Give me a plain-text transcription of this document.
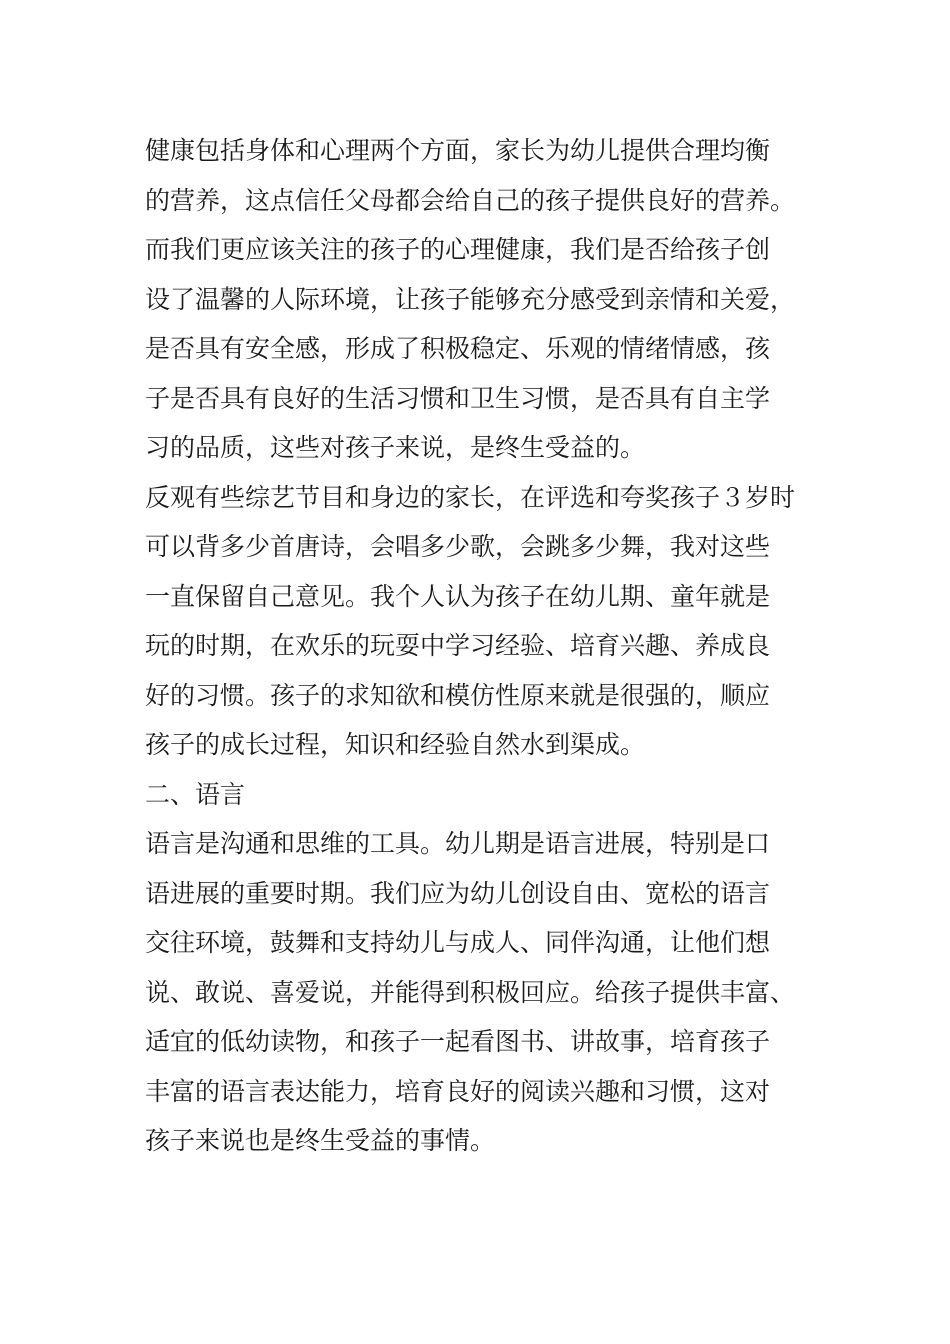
健康包括身体和心理两个方面，家长为幼儿提供合理均衡
的营养，这点信任父母都会给自己的孩子提供良好的营养。
而我们更应该关注的孩子的心理健康，我们是否给孩子创
设了温馨的人际环境，让孩子能够充分感受到亲情和关爱，
是否具有安全感，形成了积极稳定、乐观的情绪情感，孩
子是否具有良好的生活习惯和卫生习惯，是否具有自主学
习的品质，这些对孩子来说，是终生受益的。
反观有些综艺节目和身边的家长，在评选和夸奖孩子３岁时
可以背多少首唐诗，会唱多少歌，会跳多少舞，我对这些
一直保留自己意见。我个人认为孩子在幼儿期、童年就是
玩的时期，在欢乐的玩耍中学习经验、培育兴趣、养成良
好的习惯。孩子的求知欲和模仿性原来就是很强的，顺应
孩子的成长过程，知识和经验自然水到渠成。
二、语言
语言是沟通和思维的工具。幼儿期是语言进展，特别是口
语进展的重要时期。我们应为幼儿创设自由、宽松的语言
交往环境，鼓舞和支持幼儿与成人、同伴沟通，让他们想
说、敢说、喜爱说，并能得到积极回应。给孩子提供丰富、
适宜的低幼读物，和孩子一起看图书、讲故事，培育孩子
丰富的语言表达能力，培育良好的阅读兴趣和习惯，这对
孩子来说也是终生受益的事情。
